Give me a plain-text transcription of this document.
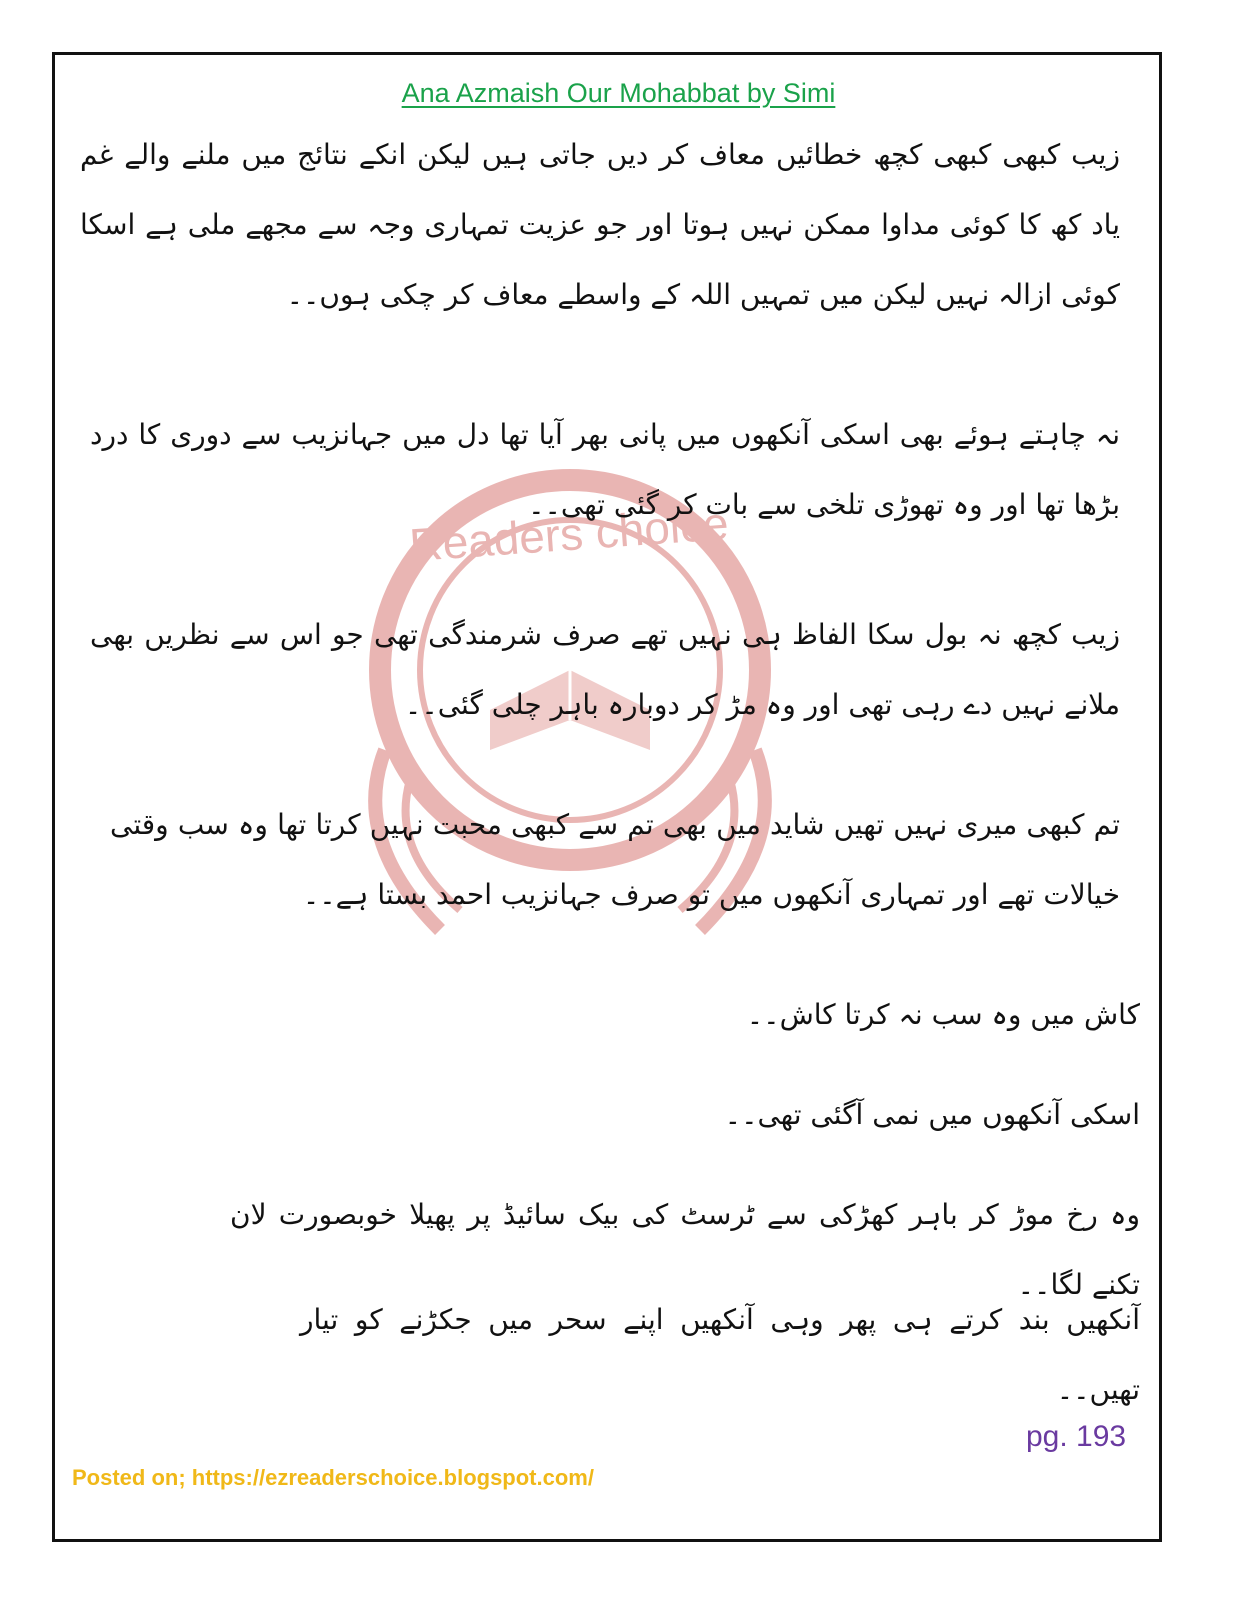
Readers choice
Ana Azmaish Our Mohabbat by Simi
زیب کبھی کبھی کچھ خطائیں معاف کر دیں جاتی ہیں لیکن انکے نتائج میں ملنے والے غم یاد کھ کا کوئی مداوا ممکن نہیں ہوتا اور جو عزیت تمہاری وجہ سے مجھے ملی ہے اسکا کوئی ازالہ نہیں لیکن میں تمہیں اللہ کے واسطے معاف کر چکی ہوں۔۔
نہ چاہتے ہوئے بھی اسکی آنکھوں میں پانی بھر آیا تھا دل میں جہانزیب سے دوری کا درد بڑھا تھا اور وہ تھوڑی تلخی سے بات کر گئی تھی۔۔
زیب کچھ نہ بول سکا الفاظ ہی نہیں تھے صرف شرمندگی تھی جو اس سے نظریں بھی ملانے نہیں دے رہی تھی اور وہ مڑ کر دوبارہ باہر چلی گئی۔۔
تم کبھی میری نہیں تھیں شاید میں بھی تم سے کبھی محبت نہیں کرتا تھا وہ سب وقتی خیالات تھے اور تمہاری آنکھوں میں تو صرف جہانزیب احمد بستا ہے۔۔
کاش میں وہ سب نہ کرتا کاش۔۔
اسکی آنکھوں میں نمی آگئی تھی۔۔
وہ رخ موڑ کر باہر کھڑکی سے ٹرسٹ کی بیک سائیڈ پر پھیلا خوبصورت لان تکنے لگا۔۔
آنکھیں بند کرتے ہی پھر وہی آنکھیں اپنے سحر میں جکڑنے کو تیار تھیں۔۔
pg. 193
Posted on; https://ezreaderschoice.blogspot.com/
